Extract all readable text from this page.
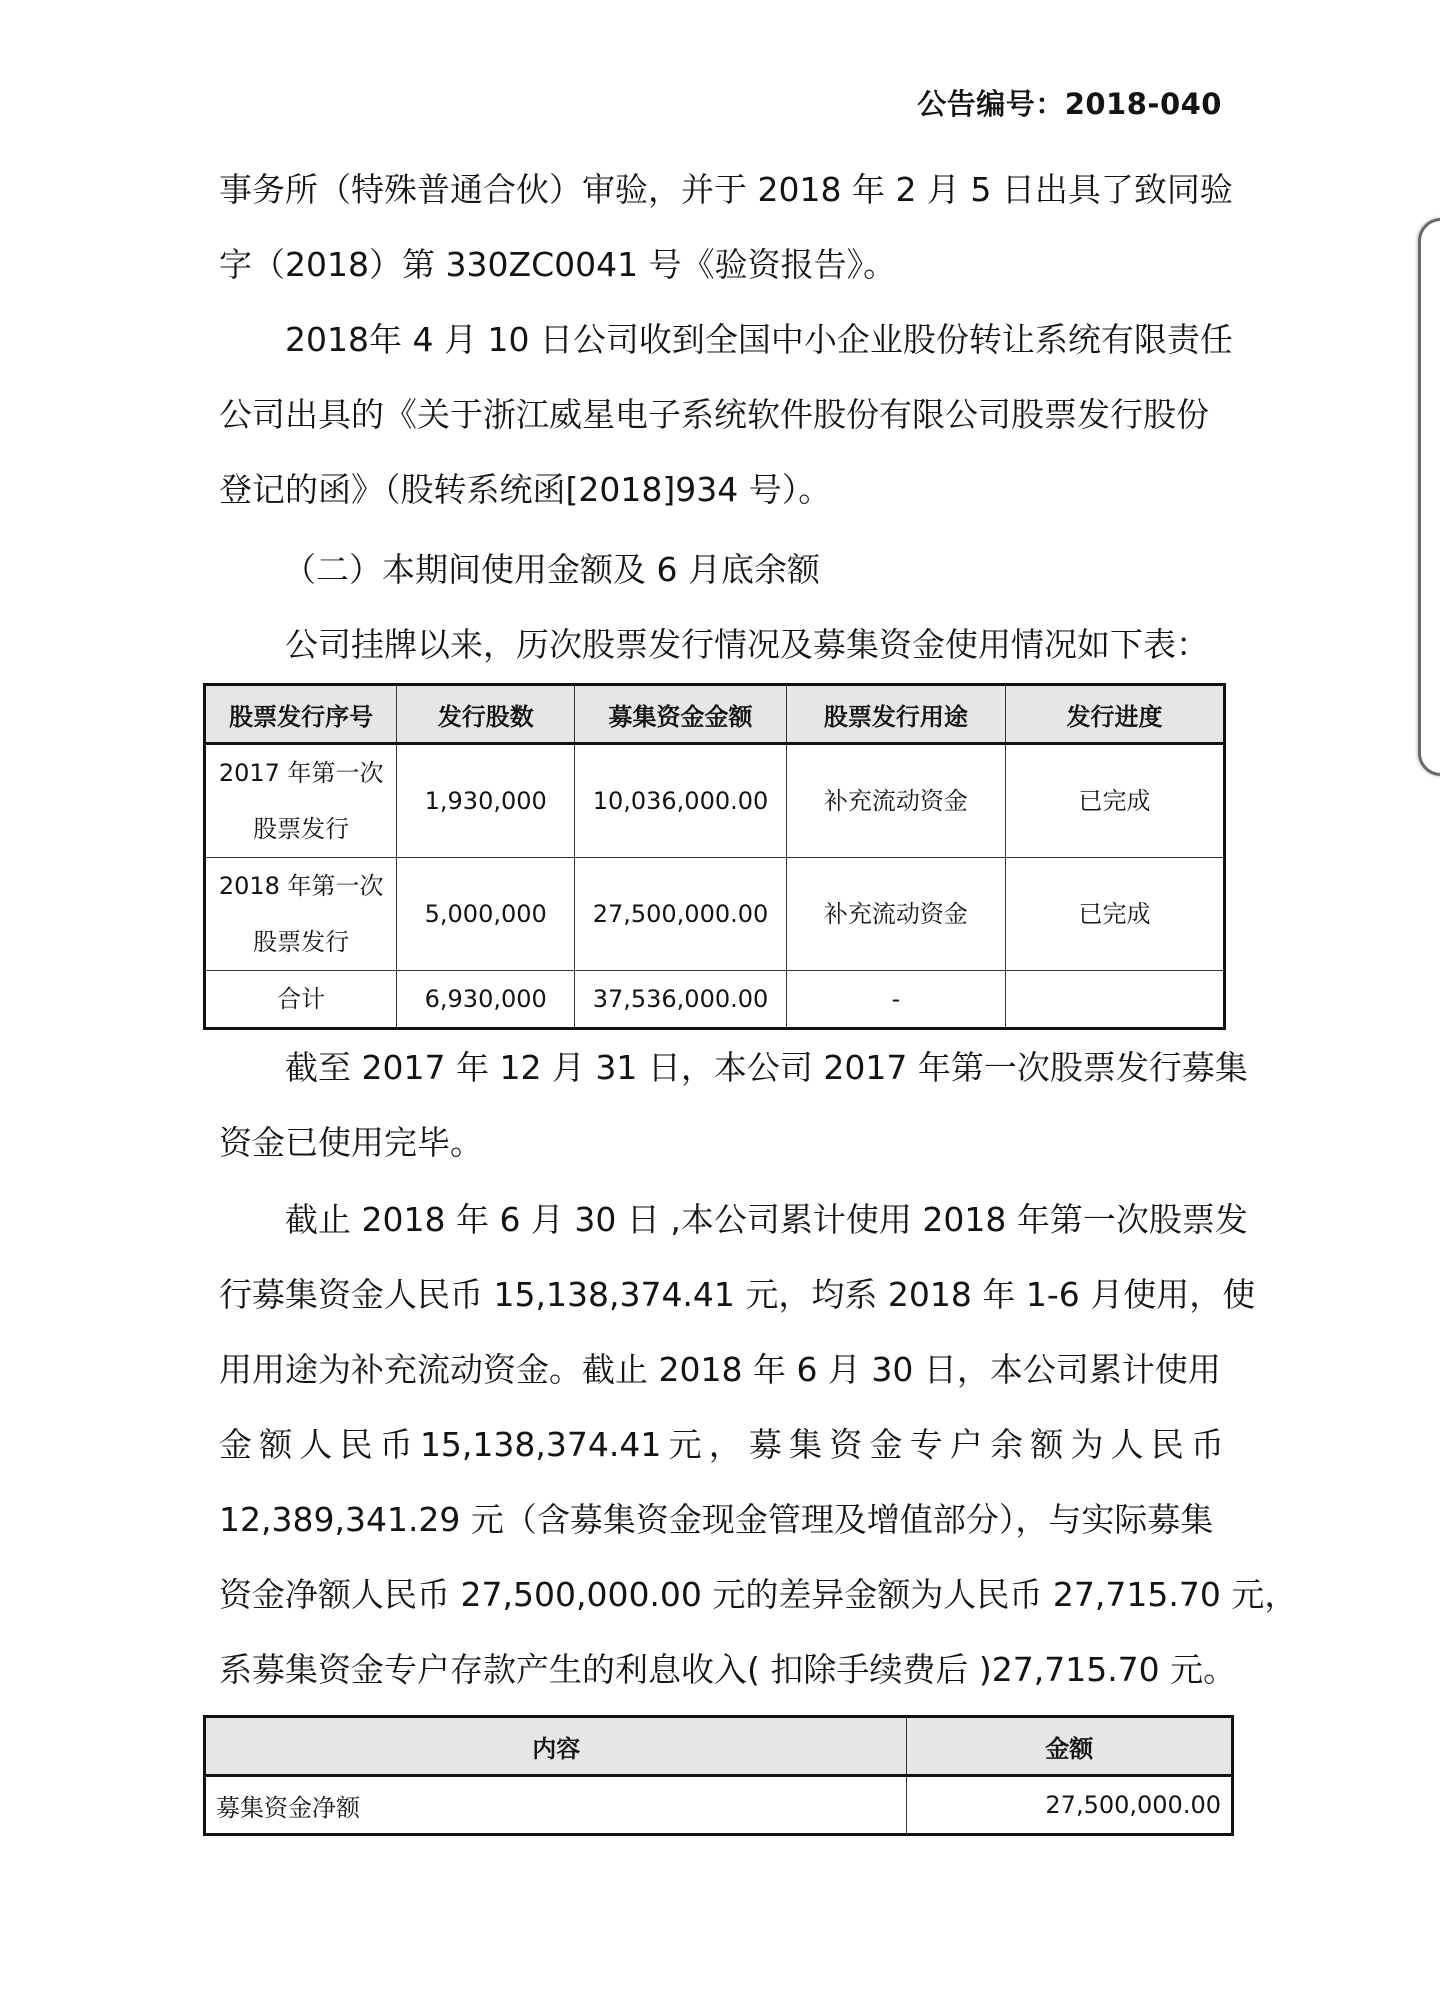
公告编号：2018-040
事务所（特殊普通合伙）审验，并于 2018 年 2 月 5 日出具了致同验
字（2018）第 330ZC0041 号《验资报告》。
2018年 4 月 10 日公司收到全国中小企业股份转让系统有限责任
公司出具的《关于浙江威星电子系统软件股份有限公司股票发行股份
登记的函》（股转系统函[2018]934 号）。
（二）本期间使用金额及 6 月底余额
公司挂牌以来，历次股票发行情况及募集资金使用情况如下表：
股票发行序号	发行股数	募集资金金额	股票发行用途	发行进度

2017 年第一次
股票发行	1,930,000	10,036,000.00	补充流动资金	已完成

2018 年第一次
股票发行	5,000,000	27,500,000.00	补充流动资金	已完成
合计	6,930,000	37,536,000.00	-	
截至 2017 年 12 月 31 日，本公司 2017 年第一次股票发行募集
资金已使用完毕。
截止 2018 年 6 月 30 日 ,本公司累计使用 2018 年第一次股票发
行募集资金人民币 15,138,374.41 元，均系 2018 年 1-6 月使用，使
用用途为补充流动资金。截止 2018 年 6 月 30 日，本公司累计使用
金 额 人 民 币 15,138,374.41 元 ， 募 集 资 金 专 户 余 额 为 人 民 币
12,389,341.29 元（含募集资金现金管理及增值部分），与实际募集
资金净额人民币 27,500,000.00 元的差异金额为人民币 27,715.70 元，
系募集资金专户存款产生的利息收入( 扣除手续费后 )27,715.70 元。
内容	金额
募集资金净额	27,500,000.00
